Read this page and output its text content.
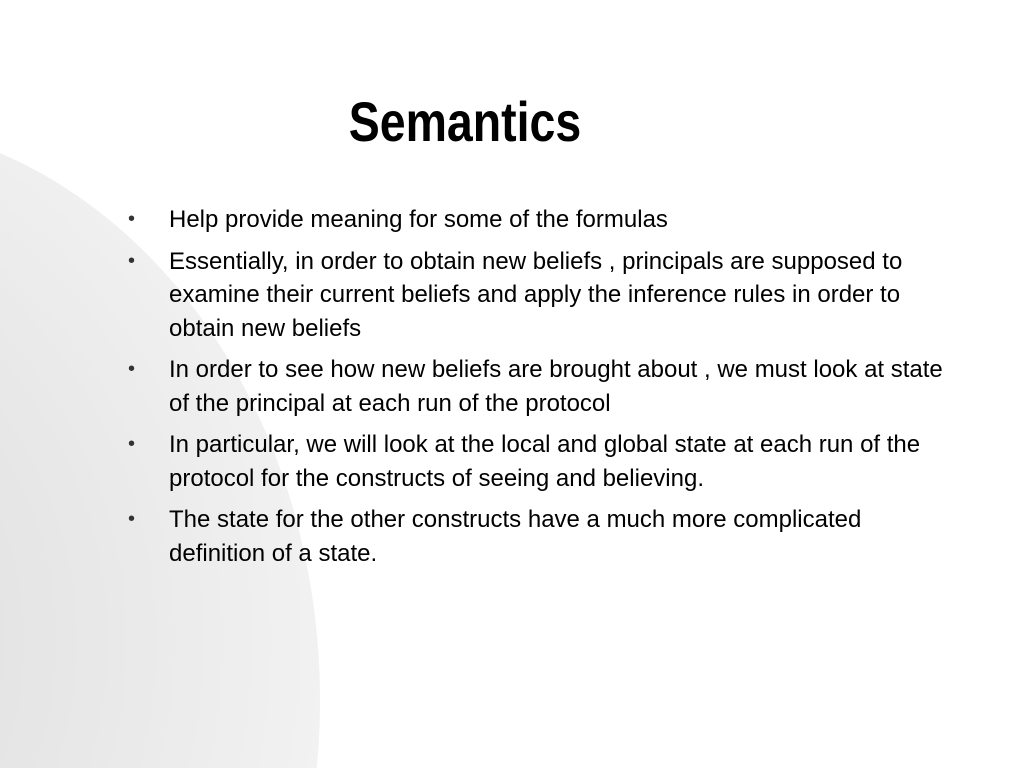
Semantics
•	Help provide meaning for some of the formulas
•	Essentially, in order to obtain new beliefs , principals are supposed to examine their current beliefs and apply the inference rules in order to obtain new beliefs
•	In order to see how new beliefs are brought about , we must look at state of the principal at each run of the protocol
•	In particular, we will look at the local and global state at each run of the protocol for the constructs of seeing and believing.
•	The state for the other constructs have a much more complicated definition of a state.
